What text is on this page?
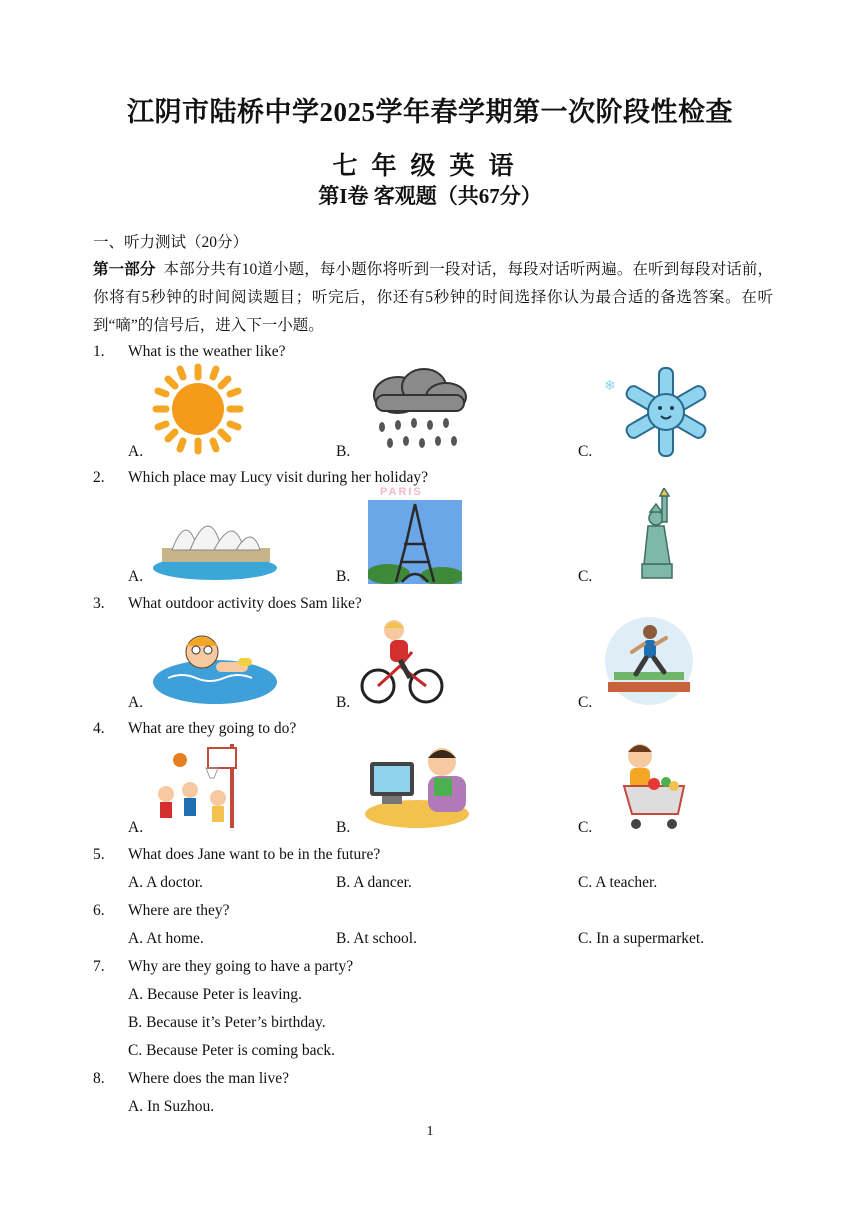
江阴市陆桥中学2025学年春学期第一次阶段性检查
七年级英语
第I卷 客观题（共67分）
一、听力测试（20分）
第一部分 本部分共有10道小题，每小题你将听到一段对话，每段对话听两遍。在听到每段对话前，你将有5秒钟的时间阅读题目；听完后，你还有5秒钟的时间选择你认为最合适的备选答案。在听到“嘀”的信号后，进入下一小题。
1. What is the weather like?
A.	B.	C.
❄
2. Which place may Lucy visit during her holiday?
A.	B.	C.
PARIS
3. What outdoor activity does Sam like?
A.	B.	C.
4. What are they going to do?
A.	B.	C.
5. What does Jane want to be in the future?
A. A doctor.	B. A dancer.	C. A teacher.
6. Where are they?
A. At home.	B. At school.	C. In a supermarket.
7. Why are they going to have a party?
A. Because Peter is leaving.
B. Because it’s Peter’s birthday.
C. Because Peter is coming back.
8. Where does the man live?
A. In Suzhou.
1
